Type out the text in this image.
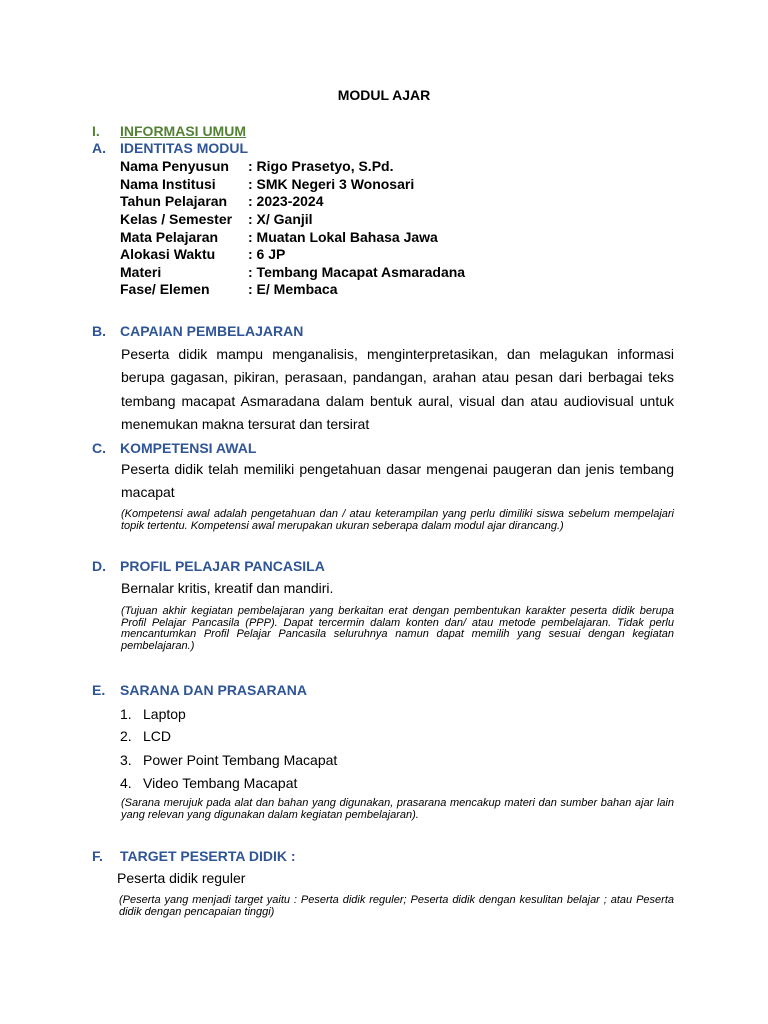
MODUL AJAR
I. INFORMASI UMUM
A. IDENTITAS MODUL
Nama Penyusun : Rigo Prasetyo, S.Pd.
Nama Institusi : SMK Negeri 3 Wonosari
Tahun Pelajaran : 2023-2024
Kelas / Semester : X/ Ganjil
Mata Pelajaran : Muatan Lokal Bahasa Jawa
Alokasi Waktu : 6 JP
Materi	: Tembang Macapat Asmaradana
Fase/ Elemen	: E/ Membaca
B. CAPAIAN PEMBELAJARAN
Peserta didik mampu menganalisis, menginterpretasikan, dan melagukan informasi berupa gagasan, pikiran, perasaan, pandangan, arahan atau pesan dari berbagai teks tembang macapat Asmaradana dalam bentuk aural, visual dan atau audiovisual untuk menemukan makna tersurat dan tersirat
C. KOMPETENSI AWAL
Peserta didik telah memiliki pengetahuan dasar mengenai paugeran dan jenis tembang macapat
(Kompetensi awal adalah pengetahuan dan / atau keterampilan yang perlu dimiliki siswa sebelum mempelajari topik tertentu. Kompetensi awal merupakan ukuran seberapa dalam modul ajar dirancang.)
D. PROFIL PELAJAR PANCASILA
Bernalar kritis, kreatif dan mandiri.
(Tujuan akhir kegiatan pembelajaran yang berkaitan erat dengan pembentukan karakter peserta didik berupa Profil Pelajar Pancasila (PPP). Dapat tercermin dalam konten dan/ atau metode pembelajaran. Tidak perlu mencantumkan Profil Pelajar Pancasila seluruhnya namun dapat memilih yang sesuai dengan kegiatan pembelajaran.)
E. SARANA DAN PRASARANA
1. Laptop
2. LCD
3. Power Point Tembang Macapat
4. Video Tembang Macapat
(Sarana merujuk pada alat dan bahan yang digunakan, prasarana mencakup materi dan sumber bahan ajar lain yang relevan yang digunakan dalam kegiatan pembelajaran).
F. TARGET PESERTA DIDIK :
Peserta didik reguler
(Peserta yang menjadi target yaitu : Peserta didik reguler; Peserta didik dengan kesulitan belajar ; atau Peserta didik dengan pencapaian tinggi)
